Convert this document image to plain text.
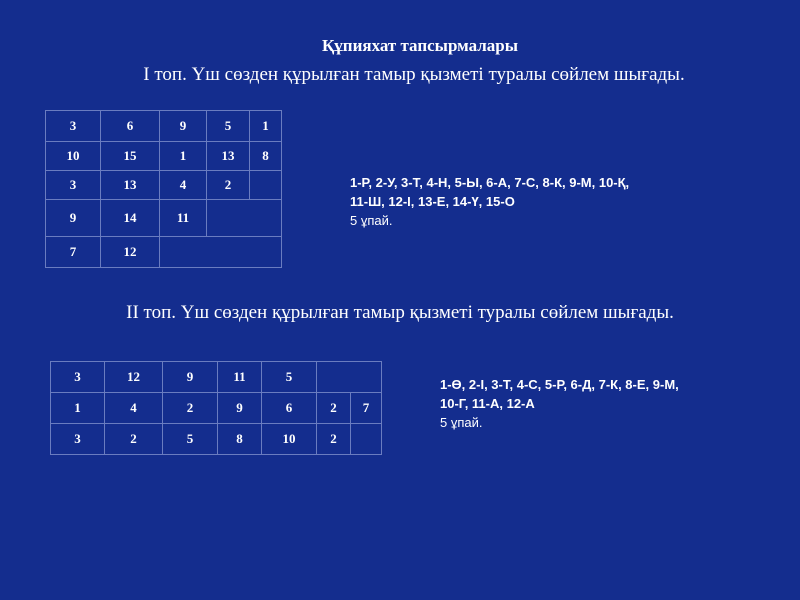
Құпияхат тапсырмалары
І топ. Үш сөзден құрылған тамыр қызметі туралы сөйлем шығады.
3	6	9	5	1
10	15	1	13	8
3	13	4	2	
9	14	11		
7	12			
1-Р, 2-У, 3-Т, 4-Н, 5-Ы, 6-А, 7-С, 8-К, 9-М, 10-Қ,
11-Ш, 12-І, 13-Е, 14-Ү, 15-О
5 ұпай.
ІІ топ. Үш сөзден құрылған тамыр қызметі туралы сөйлем шығады.
3	12	9	11	5		
1	4	2	9	6	2	7
3	2	5	8	10	2	
1-Ө, 2-І, 3-Т, 4-С, 5-Р, 6-Д, 7-К, 8-Е, 9-М,
10-Г, 11-А, 12-А
5 ұпай.
